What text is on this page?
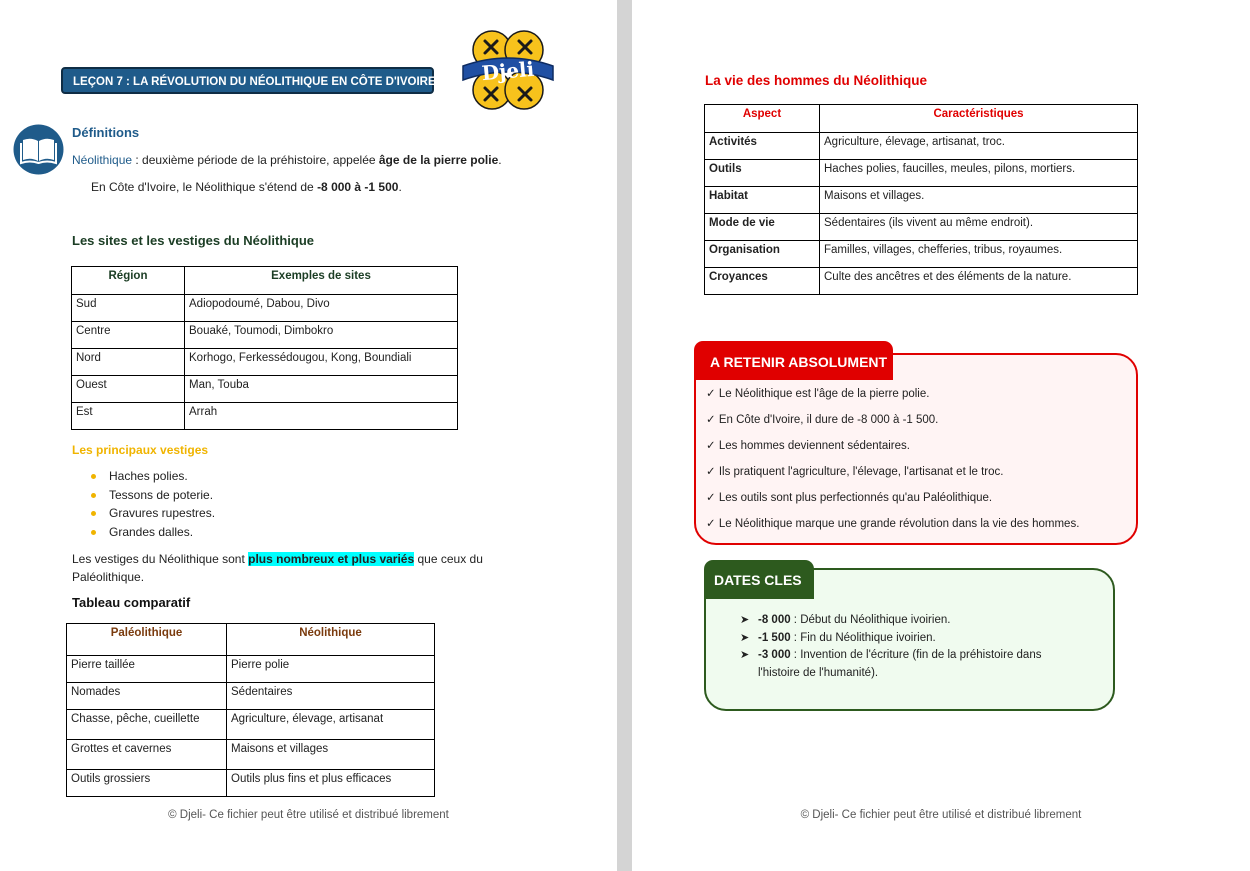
LEÇON 7 : LA RÉVOLUTION DU NÉOLITHIQUE EN CÔTE D'IVOIRE Djeli
Définitions
Néolithique : deuxième période de la préhistoire, appelée âge de la pierre polie.
En Côte d'Ivoire, le Néolithique s'étend de -8 000 à -1 500.
Les sites et les vestiges du Néolithique
Région	Exemples de sites
Sud	Adiopodoumé, Dabou, Divo
Centre	Bouaké, Toumodi, Dimbokro
Nord	Korhogo, Ferkessédougou, Kong, Boundiali
Ouest	Man, Touba
Est	Arrah
Les principaux vestiges
Haches polies.
Tessons de poterie.
Gravures rupestres.
Grandes dalles.
Les vestiges du Néolithique sont plus nombreux et plus variés que ceux du Paléolithique.
Tableau comparatif
Paléolithique	Néolithique
Pierre taillée	Pierre polie
Nomades	Sédentaires
Chasse, pêche, cueillette	Agriculture, élevage, artisanat
Grottes et cavernes	Maisons et villages
Outils grossiers	Outils plus fins et plus efficaces
© Djeli- Ce fichier peut être utilisé et distribué librement
La vie des hommes du Néolithique
Aspect	Caractéristiques
Activités	Agriculture, élevage, artisanat, troc.
Outils	Haches polies, faucilles, meules, pilons, mortiers.
Habitat	Maisons et villages.
Mode de vie	Sédentaires (ils vivent au même endroit).
Organisation	Familles, villages, chefferies, tribus, royaumes.
Croyances	Culte des ancêtres et des éléments de la nature.
A RETENIR ABSOLUMENT
✓ Le Néolithique est l'âge de la pierre polie.
✓ En Côte d'Ivoire, il dure de -8 000 à -1 500.
✓ Les hommes deviennent sédentaires.
✓ Ils pratiquent l'agriculture, l'élevage, l'artisanat et le troc.
✓ Les outils sont plus perfectionnés qu'au Paléolithique.
✓ Le Néolithique marque une grande révolution dans la vie des hommes.
DATES CLES
➤ -8 000 : Début du Néolithique ivoirien.
➤ -1 500 : Fin du Néolithique ivoirien.
➤ -3 000 : Invention de l'écriture (fin de la préhistoire dans l'histoire de l'humanité).
© Djeli- Ce fichier peut être utilisé et distribué librement
